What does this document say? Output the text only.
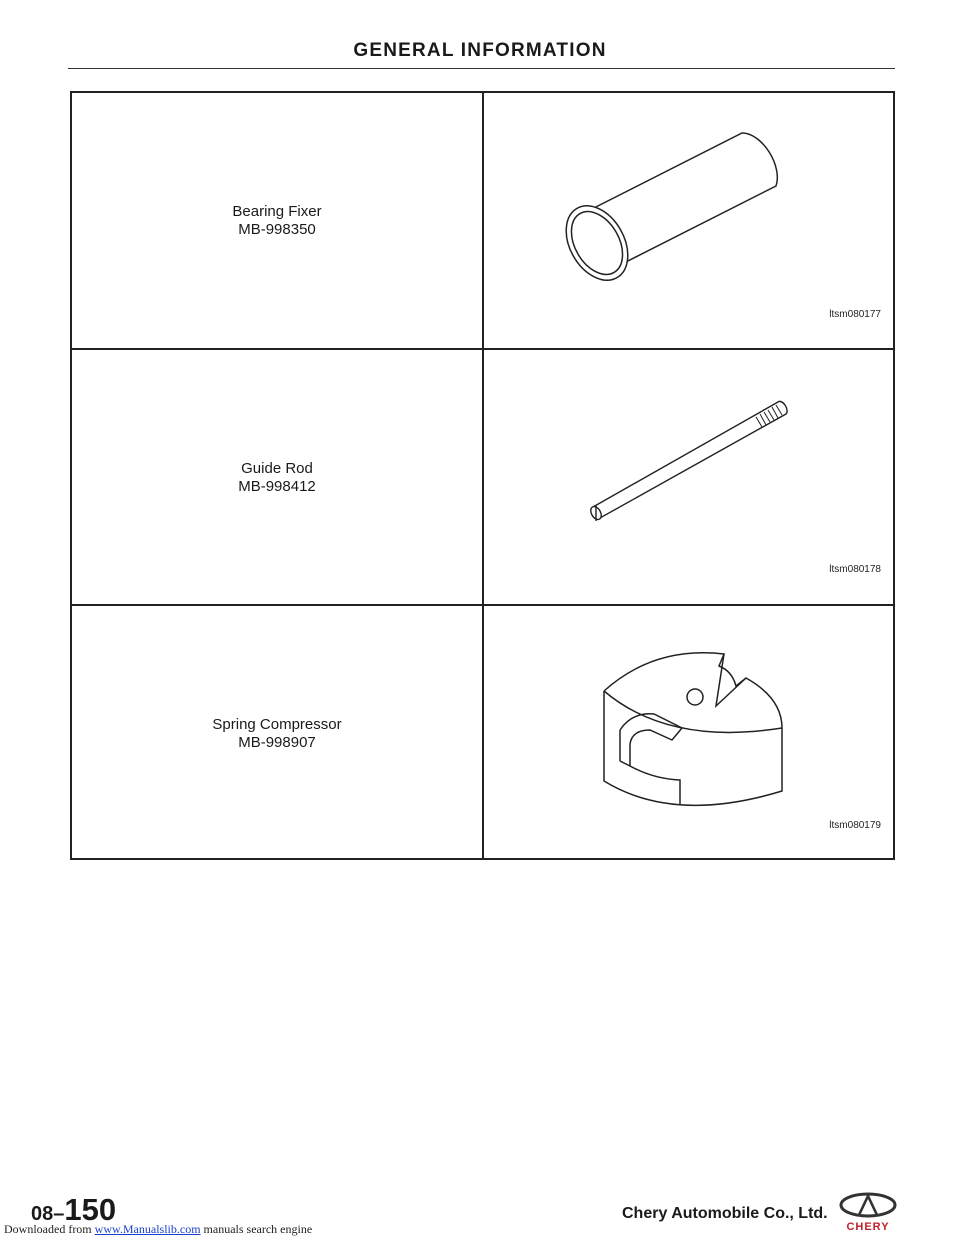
GENERAL INFORMATION
Bearing Fixer
MB-998350
ltsm080177
Guide Rod
MB-998412
ltsm080178
Spring Compressor
MB-998907
ltsm080179
08–150	Chery Automobile Co., Ltd.
CHERY
Downloaded from www.Manualslib.com manuals search engine
